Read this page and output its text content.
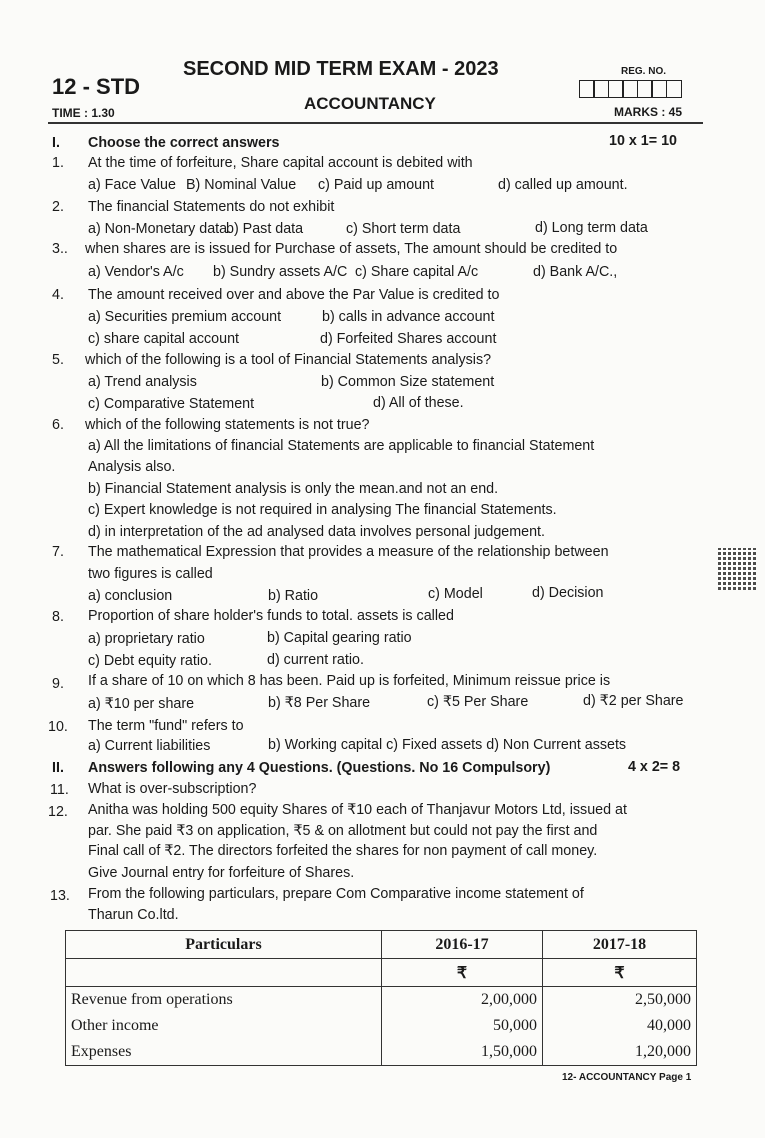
SECOND MID TERM EXAM - 2023
12 - STD
ACCOUNTANCY
TIME : 1.30
REG. NO.
MARKS : 45
I. Choose the correct answers	10 x 1= 10
1. At the time of forfeiture, Share capital account is debited with
a) Face Value B) Nominal Value c) Paid up amount	d) called up amount.
2. The financial Statements do not exhibit
a) Non-Monetary data.
b) Past data	c) Short term data	d) Long term data
3.. when shares are is issued for Purchase of assets, The amount should be credited to
a) Vendor's A/c b) Sundry assets A/C c) Share capital A/c	d) Bank A/C.,
4. The amount received over and above the Par Value is credited to
a) Securities premium account	b) calls in advance account
c) share capital account	d) Forfeited Shares account
5. which of the following is a tool of Financial Statements analysis?
a) Trend analysis	b) Common Size statement
c) Comparative Statement	d) All of these.
6. which of the following statements is not true?
a) All the limitations of financial Statements are applicable to financial Statement
Analysis also.
b) Financial Statement analysis is only the mean.and not an end.
c) Expert knowledge is not required in analysing The financial Statements.
d) in interpretation of the ad analysed data involves personal judgement.
7. The mathematical Expression that provides a measure of the relationship between
two figures is called
a) conclusion	b) Ratio	c) Model	d) Decision
8. Proportion of share holder's funds to total. assets is called
a) proprietary ratio	b) Capital gearing ratio
c) Debt equity ratio.	d) current ratio.
9. If a share of 10 on which 8 has been. Paid up is forfeited, Minimum reissue price is
a) ₹10 per share	b) ₹8 Per Share	c) ₹5 Per Share	d) ₹2 per Share
10. The term "fund" refers to
a) Current liabilities	b) Working capital c) Fixed assets d) Non Current assets
II. Answers following any 4 Questions. (Questions. No 16 Compulsory)	4 x 2= 8
11. What is over-subscription?
12. Anitha was holding 500 equity Shares of ₹10 each of Thanjavur Motors Ltd, issued at
par. She paid ₹3 on application, ₹5 & on allotment but could not pay the first and
Final call of ₹2. The directors forfeited the shares for non payment of call money.
Give Journal entry for forfeiture of Shares.
13. From the following particulars, prepare Com Comparative income statement of
Tharun Co.ltd.
Particulars	2016-17	2017-18
	₹	₹
Revenue from operations	2,00,000	2,50,000
Other income	50,000	40,000
Expenses	1,50,000	1,20,000
12- ACCOUNTANCY Page 1
